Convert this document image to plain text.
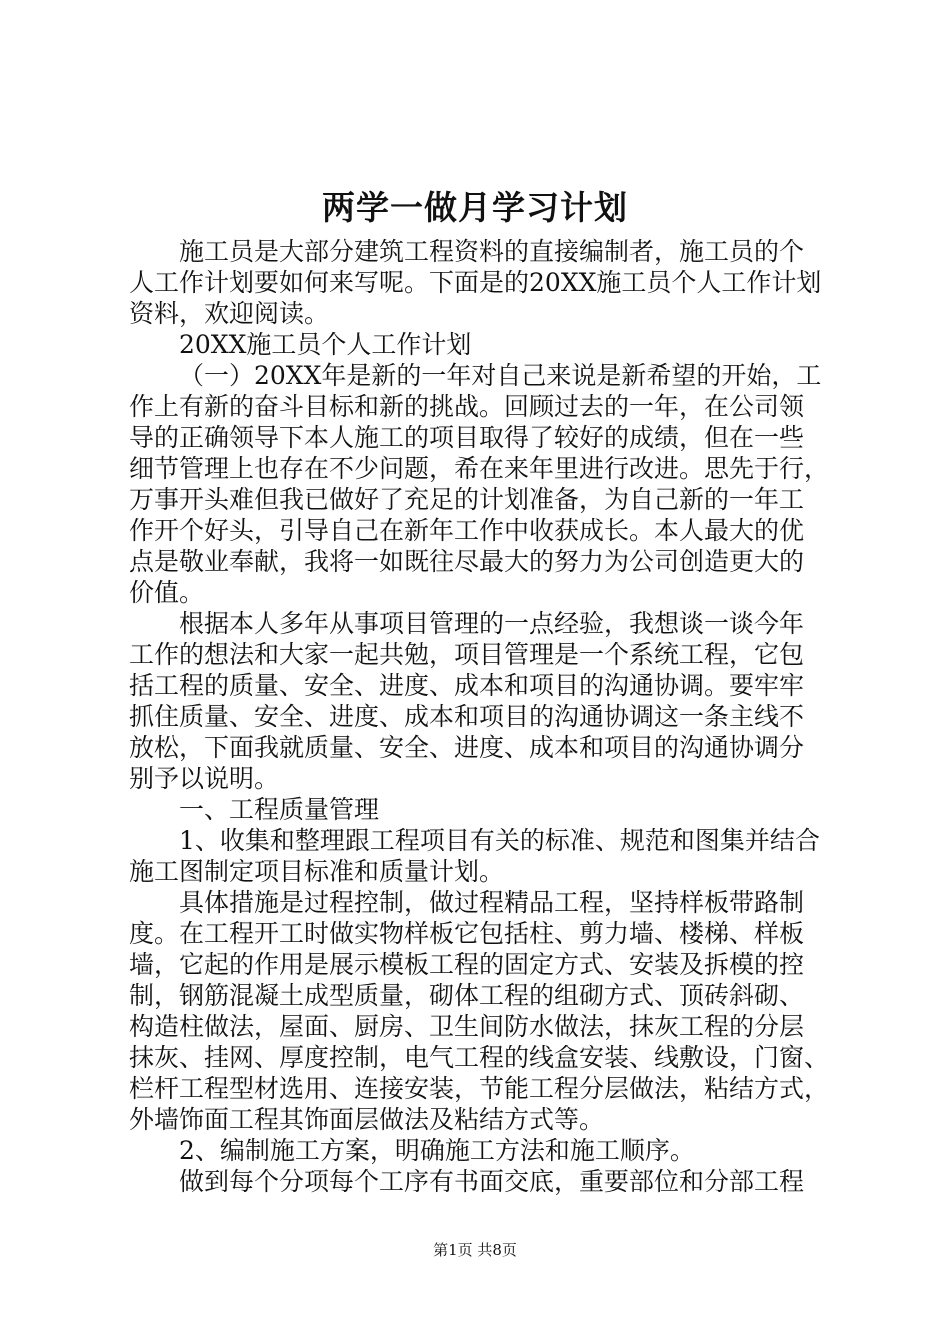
两学一做月学习计划
施工员是大部分建筑工程资料的直接编制者，施工员的个
人工作计划要如何来写呢。下面是的20XX施工员个人工作计划
资料，欢迎阅读。
20XX施工员个人工作计划
（一）20XX年是新的一年对自己来说是新希望的开始，工
作上有新的奋斗目标和新的挑战。回顾过去的一年，在公司领
导的正确领导下本人施工的项目取得了较好的成绩，但在一些
细节管理上也存在不少问题，希在来年里进行改进。思先于行，
万事开头难但我已做好了充足的计划准备，为自己新的一年工
作开个好头，引导自己在新年工作中收获成长。本人最大的优
点是敬业奉献，我将一如既往尽最大的努力为公司创造更大的
价值。
根据本人多年从事项目管理的一点经验，我想谈一谈今年
工作的想法和大家一起共勉，项目管理是一个系统工程，它包
括工程的质量、安全、进度、成本和项目的沟通协调。要牢牢
抓住质量、安全、进度、成本和项目的沟通协调这一条主线不
放松，下面我就质量、安全、进度、成本和项目的沟通协调分
别予以说明。
一、工程质量管理
1、收集和整理跟工程项目有关的标准、规范和图集并结合
施工图制定项目标准和质量计划。
具体措施是过程控制，做过程精品工程，坚持样板带路制
度。在工程开工时做实物样板它包括柱、剪力墙、楼梯、样板
墙，它起的作用是展示模板工程的固定方式、安装及拆模的控
制，钢筋混凝土成型质量，砌体工程的组砌方式、顶砖斜砌、
构造柱做法，屋面、厨房、卫生间防水做法，抹灰工程的分层
抹灰、挂网、厚度控制，电气工程的线盒安装、线敷设，门窗、
栏杆工程型材选用、连接安装，节能工程分层做法，粘结方式，
外墙饰面工程其饰面层做法及粘结方式等。
2、编制施工方案，明确施工方法和施工顺序。
做到每个分项每个工序有书面交底，重要部位和分部工程
第1页 共8页
